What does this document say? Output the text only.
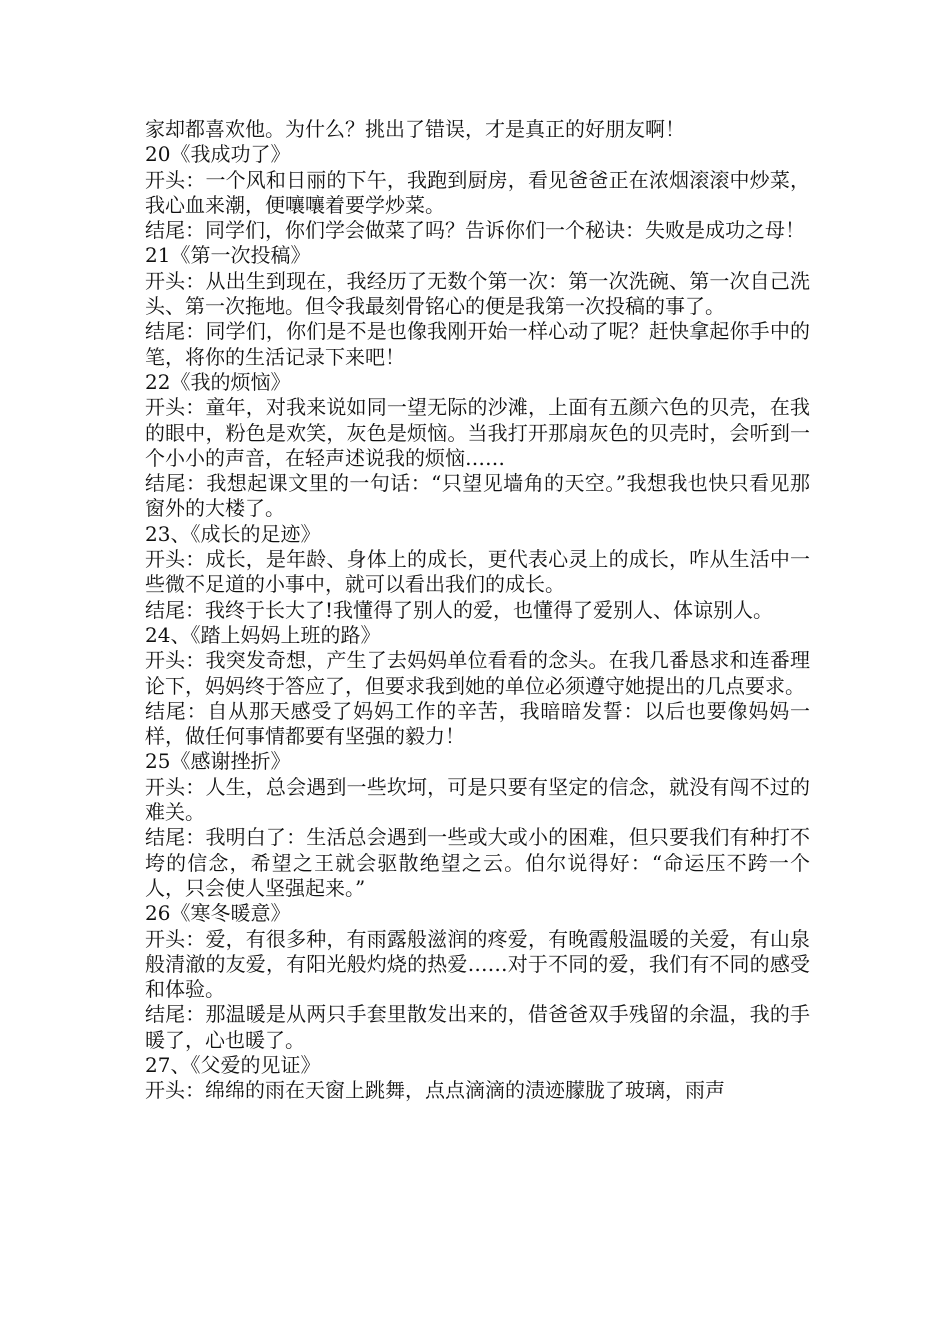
家却都喜欢他。为什么？挑出了错误，才是真正的好朋友啊！

20《我成功了》

开头：一个风和日丽的下午，我跑到厨房，看见爸爸正在浓烟滚滚中炒菜，我心血来潮，便嚷嚷着要学炒菜。

结尾：同学们，你们学会做菜了吗？告诉你们一个秘诀：失败是成功之母！

21《第一次投稿》

开头：从出生到现在，我经历了无数个第一次：第一次洗碗、第一次自己洗头、第一次拖地。但令我最刻骨铭心的便是我第一次投稿的事了。

结尾：同学们，你们是不是也像我刚开始一样心动了呢？赶快拿起你手中的笔，将你的生活记录下来吧！

22《我的烦恼》

开头：童年，对我来说如同一望无际的沙滩，上面有五颜六色的贝壳，在我的眼中，粉色是欢笑，灰色是烦恼。当我打开那扇灰色的贝壳时，会听到一个小小的声音，在轻声述说我的烦恼……

结尾：我想起课文里的一句话：“只望见墙角的天空。”我想我也快只看见那窗外的大楼了。

23、《成长的足迹》

开头：成长，是年龄、身体上的成长，更代表心灵上的成长，咋从生活中一些微不足道的小事中，就可以看出我们的成长。

结尾：我终于长大了!我懂得了别人的爱，也懂得了爱别人、体谅别人。

24、《踏上妈妈上班的路》

开头：我突发奇想，产生了去妈妈单位看看的念头。在我几番恳求和连番理论下，妈妈终于答应了，但要求我到她的单位必须遵守她提出的几点要求。

结尾：自从那天感受了妈妈工作的辛苦，我暗暗发誓：以后也要像妈妈一样，做任何事情都要有坚强的毅力！

25《感谢挫折》

开头：人生，总会遇到一些坎坷，可是只要有坚定的信念，就没有闯不过的难关。

结尾：我明白了：生活总会遇到一些或大或小的困难，但只要我们有种打不垮的信念，希望之王就会驱散绝望之云。伯尔说得好：“命运压不跨一个人，只会使人坚强起来。”

26《寒冬暖意》

开头：爱，有很多种，有雨露般滋润的疼爱，有晚霞般温暖的关爱，有山泉般清澈的友爱，有阳光般灼烧的热爱……对于不同的爱，我们有不同的感受和体验。

结尾：那温暖是从两只手套里散发出来的，借爸爸双手残留的余温，我的手暖了，心也暖了。

27、《父爱的见证》

开头：绵绵的雨在天窗上跳舞，点点滴滴的渍迹朦胧了玻璃，雨声
